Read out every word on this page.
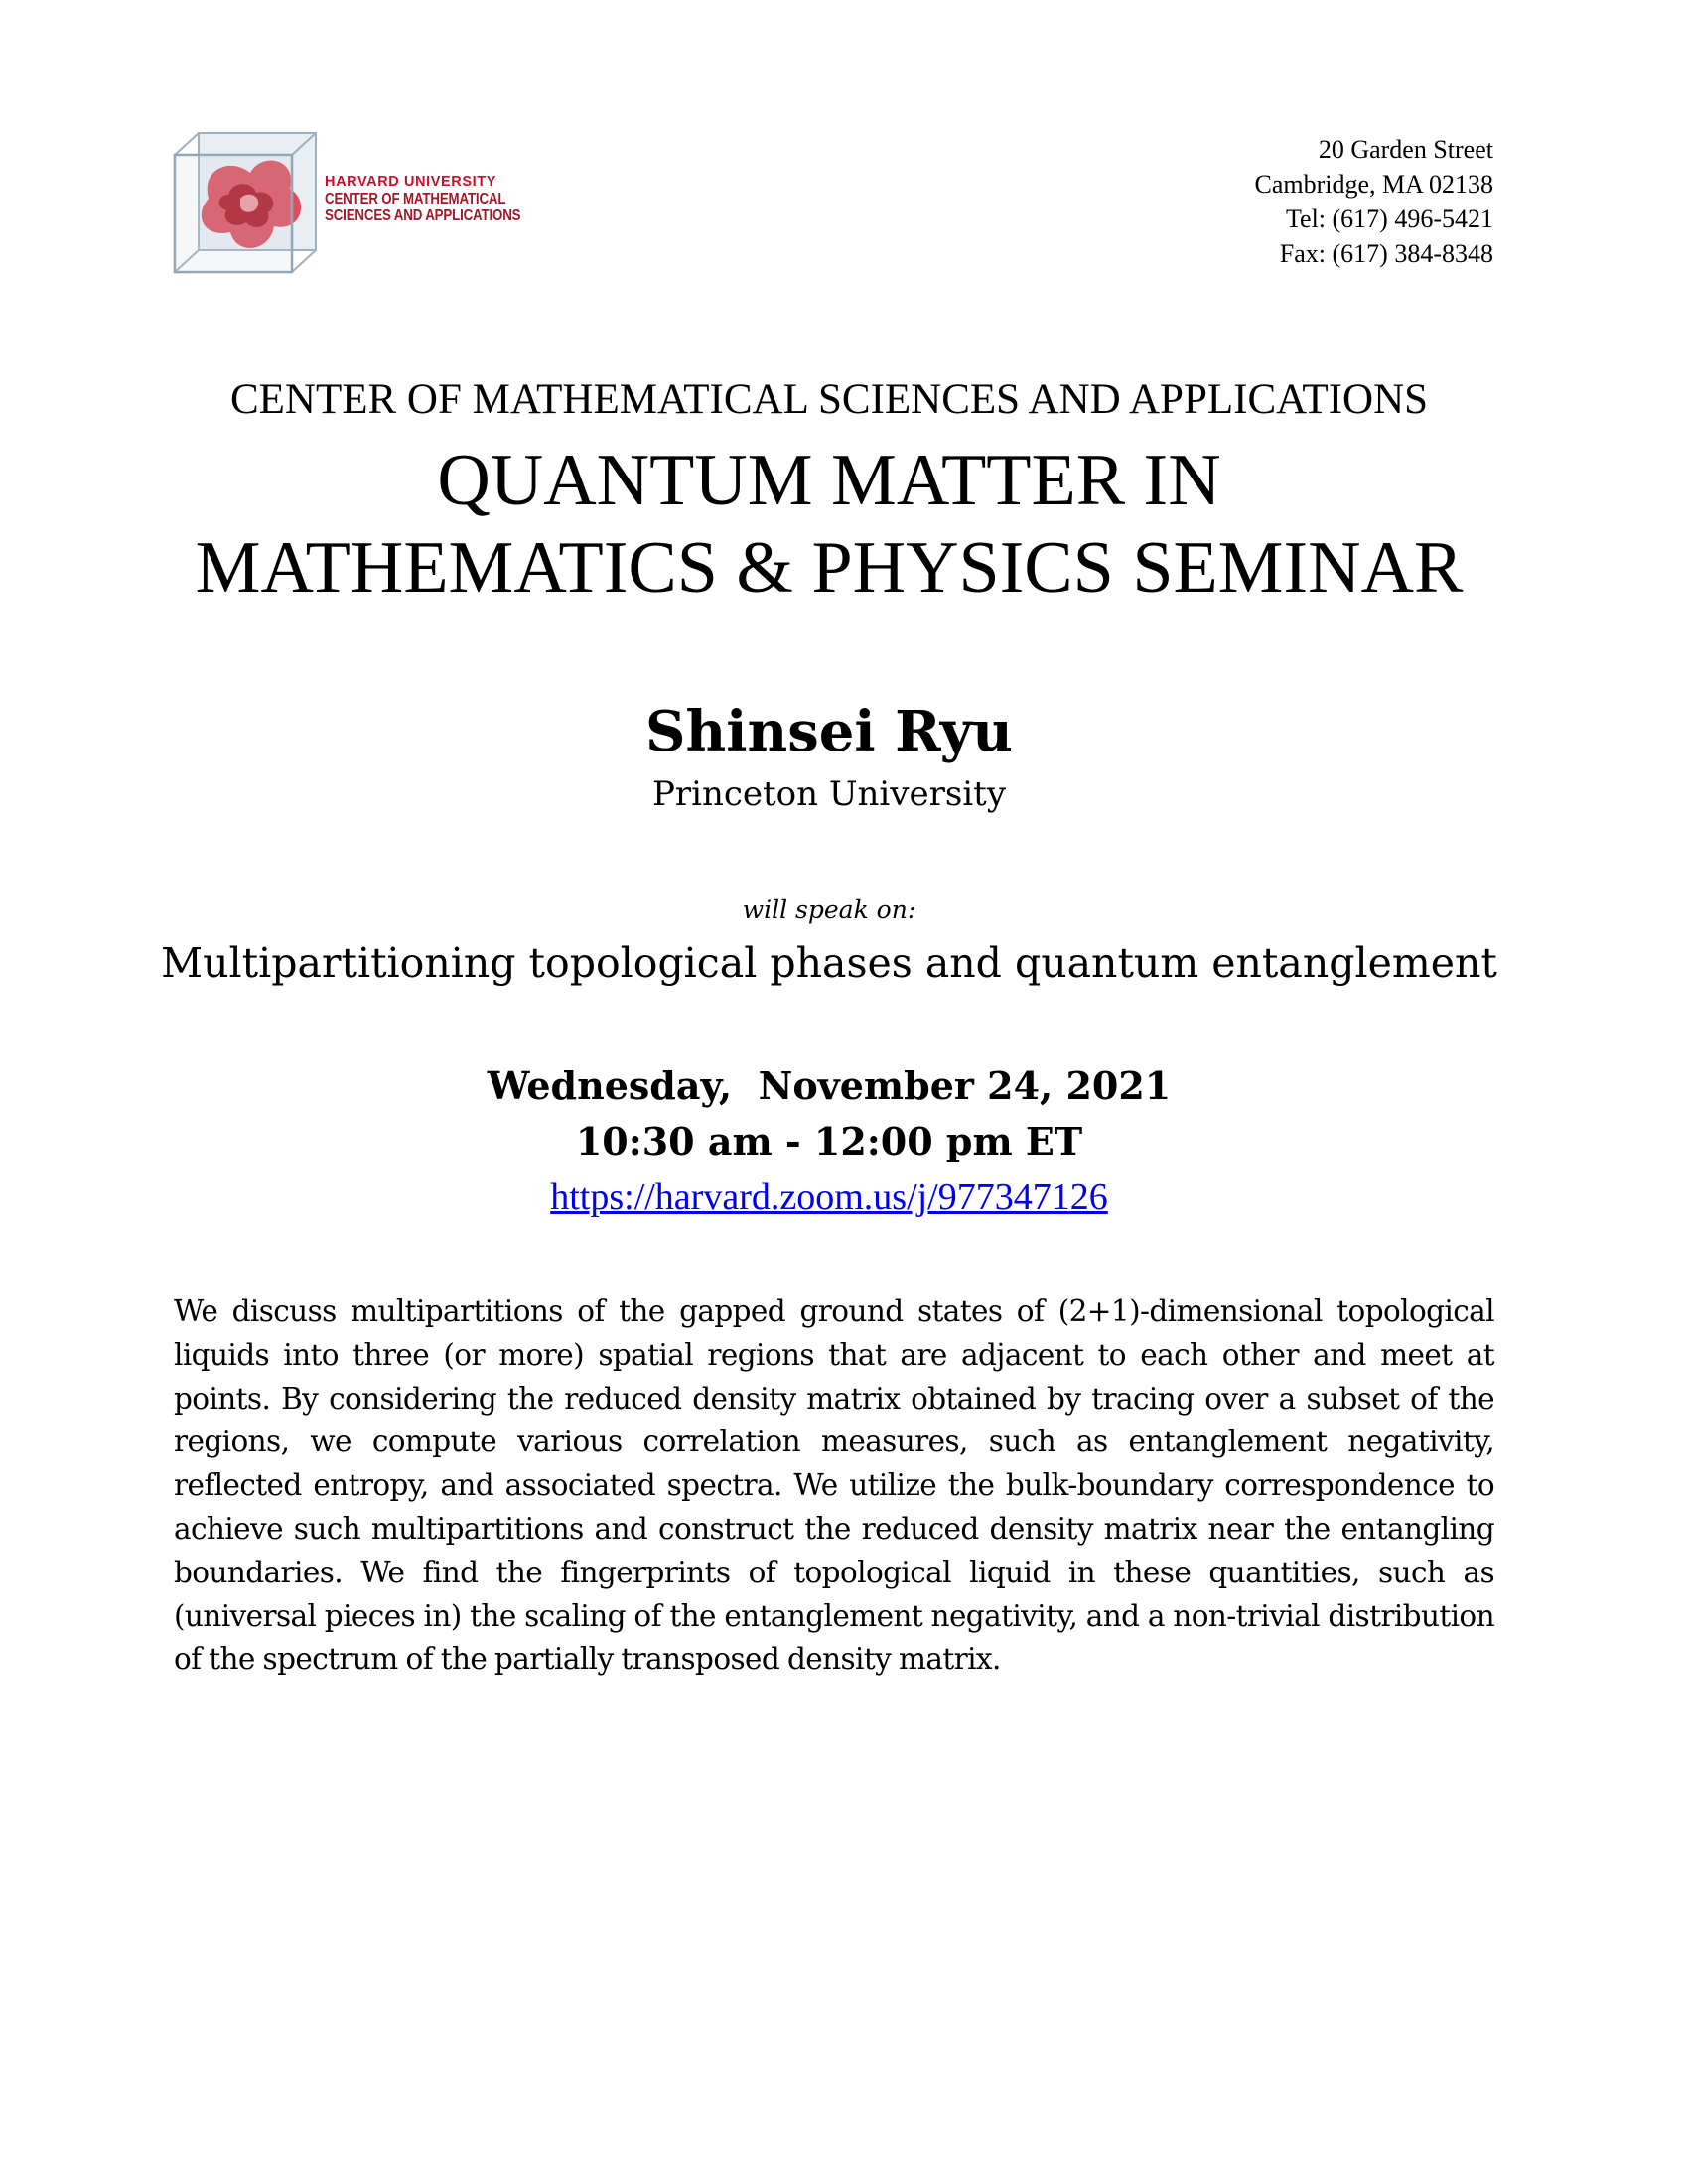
HARVARD UNIVERSITY
CENTER OF MATHEMATICAL
SCIENCES AND APPLICATIONS
20 Garden Street
Cambridge, MA 02138
Tel: (617) 496-5421
Fax: (617) 384-8348
CENTER OF MATHEMATICAL SCIENCES AND APPLICATIONS
QUANTUM MATTER IN
MATHEMATICS & PHYSICS SEMINAR
Shinsei Ryu
Princeton University
will speak on:
Multipartitioning topological phases and quantum entanglement
Wednesday,  November 24, 2021
10:30 am - 12:00 pm ET
https://harvard.zoom.us/j/977347126
We discuss multipartitions of the gapped ground states of (2+1)-dimensional topological liquids into three (or more) spatial regions that are adjacent to each other and meet at points. By considering the reduced density matrix obtained by tracing over a subset of the regions, we compute various correlation measures, such as entanglement negativity, reflected entropy, and associated spectra. We utilize the bulk-boundary correspondence to achieve such multipartitions and construct the reduced density matrix near the entangling boundaries. We find the fingerprints of topological liquid in these quantities, such as (universal pieces in) the scaling of the entanglement negativity, and a non-trivial distribution of the spectrum of the partially transposed density matrix.
